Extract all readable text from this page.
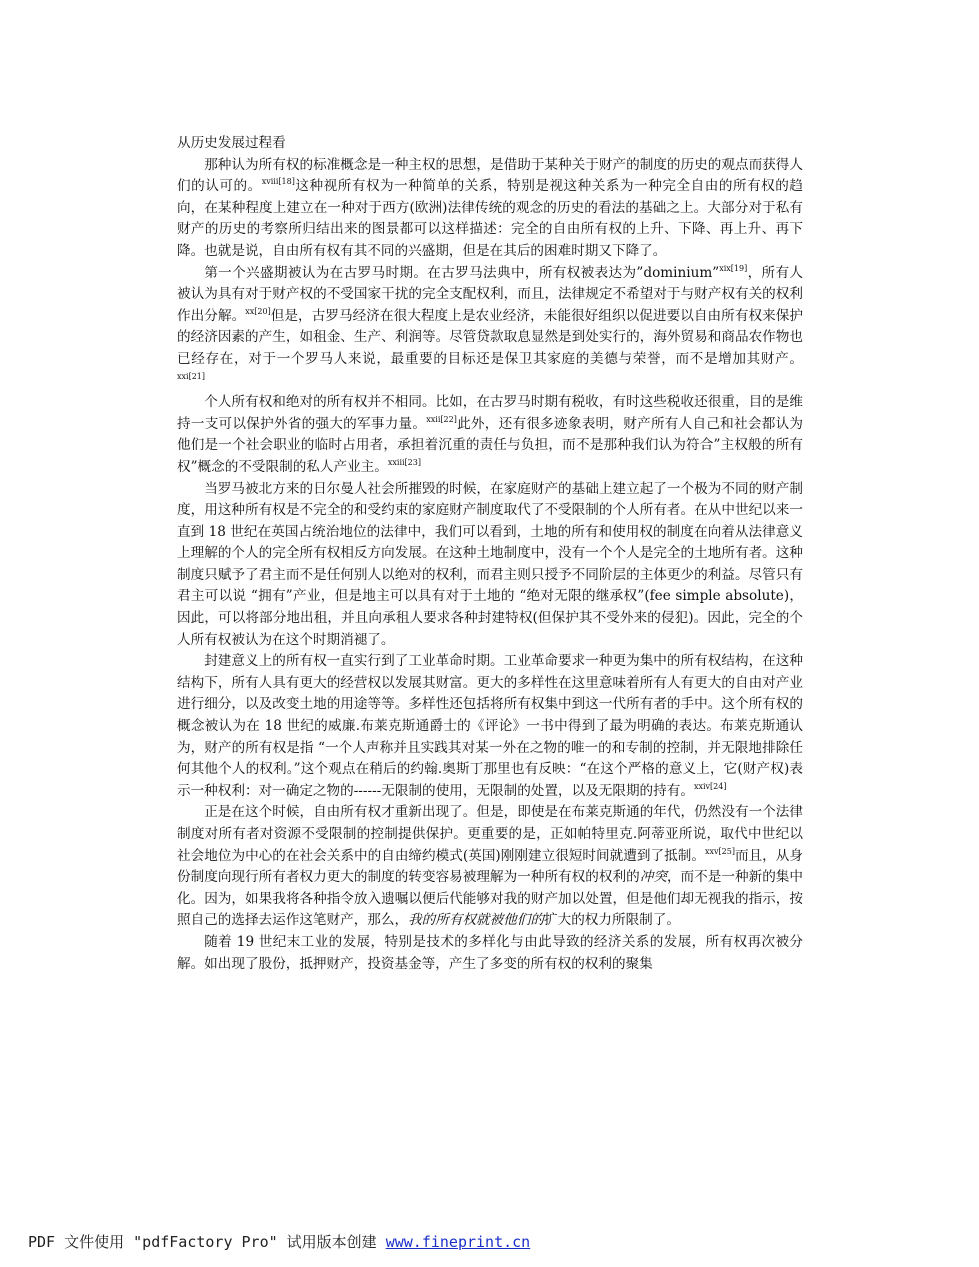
从历史发展过程看

那种认为所有权的标准概念是一种主权的思想，是借助于某种关于财产的制度的历史的观点而获得人们的认可的。$^{xviii[18]}$这种视所有权为一种简单的关系，特别是视这种关系为一种完全自由的所有权的趋向，在某种程度上建立在一种对于西方(欧洲)法律传统的观念的历史的看法的基础之上。大部分对于私有财产的历史的考察所归结出来的图景都可以这样描述：完全的自由所有权的上升、下降、再上升、再下降。也就是说，自由所有权有其不同的兴盛期，但是在其后的困难时期又下降了。

第一个兴盛期被认为在古罗马时期。在古罗马法典中，所有权被表达为”dominium”$^{xix[19]}$，所有人被认为具有对于财产权的不受国家干扰的完全支配权利，而且，法律规定不希望对于与财产权有关的权利作出分解。$^{xx[20]}$但是，古罗马经济在很大程度上是农业经济，未能很好组织以促进要以自由所有权来保护的经济因素的产生，如租金、生产、利润等。尽管贷款取息显然是到处实行的，海外贸易和商品农作物也已经存在，对于一个罗马人来说，最重要的目标还是保卫其家庭的美德与荣誉，而不是增加其财产。$^{xxi[21]}$

个人所有权和绝对的所有权并不相同。比如，在古罗马时期有税收，有时这些税收还很重，目的是维持一支可以保护外省的强大的军事力量。$^{xxii[22]}$此外，还有很多迹象表明，财产所有人自己和社会都认为他们是一个社会职业的临时占用者，承担着沉重的责任与负担，而不是那种我们认为符合”主权般的所有权”概念的不受限制的私人产业主。$^{xxiii[23]}$

当罗马被北方来的日尔曼人社会所摧毁的时候，在家庭财产的基础上建立起了一个极为不同的财产制度，用这种所有权是不完全的和受约束的家庭财产制度取代了不受限制的个人所有者。在从中世纪以来一直到 18 世纪在英国占统治地位的法律中，我们可以看到，土地的所有和使用权的制度在向着从法律意义上理解的个人的完全所有权相反方向发展。在这种土地制度中，没有一个个人是完全的土地所有者。这种制度只赋予了君主而不是任何别人以绝对的权利，而君主则只授予不同阶层的主体更少的利益。尽管只有君主可以说 “拥有”产业，但是地主可以具有对于土地的 “绝对无限的继承权”(fee simple absolute)，因此，可以将部分地出租，并且向承租人要求各种封建特权(但保护其不受外来的侵犯)。因此，完全的个人所有权被认为在这个时期消褪了。

封建意义上的所有权一直实行到了工业革命时期。工业革命要求一种更为集中的所有权结构，在这种结构下，所有人具有更大的经营权以发展其财富。更大的多样性在这里意味着所有人有更大的自由对产业进行细分，以及改变土地的用途等等。多样性还包括将所有权集中到这一代所有者的手中。这个所有权的概念被认为在 18 世纪的威廉.布莱克斯通爵士的《评论》一书中得到了最为明确的表达。布莱克斯通认为，财产的所有权是指 “一个人声称并且实践其对某一外在之物的唯一的和专制的控制，并无限地排除任何其他个人的权利。”这个观点在稍后的约翰.奥斯丁那里也有反映：“在这个严格的意义上，它(财产权)表示一种权利：对一确定之物的------无限制的使用，无限制的处置，以及无限期的持有。$^{xxiv[24]}$

正是在这个时候，自由所有权才重新出现了。但是，即使是在布莱克斯通的年代，仍然没有一个法律制度对所有者对资源不受限制的控制提供保护。更重要的是，正如帕特里克.阿蒂亚所说，取代中世纪以社会地位为中心的在社会关系中的自由缔约模式(英国)刚刚建立很短时间就遭到了抵制。$^{xxv[25]}$而且，从身份制度向现行所有者权力更大的制度的转变容易被理解为一种所有权的权利的冲突，而不是一种新的集中化。因为，如果我将各种指令放入遗嘱以便后代能够对我的财产加以处置，但是他们却无视我的指示，按照自己的选择去运作这笔财产，那么，我的所有权就被他们的扩大的权力所限制了。

随着 19 世纪末工业的发展，特别是技术的多样化与由此导致的经济关系的发展，所有权再次被分解。如出现了股份，抵押财产，投资基金等，产生了多变的所有权的权利的聚集

PDF 文件使用 "pdfFactory Pro" 试用版本创建 www.fineprint.cn
